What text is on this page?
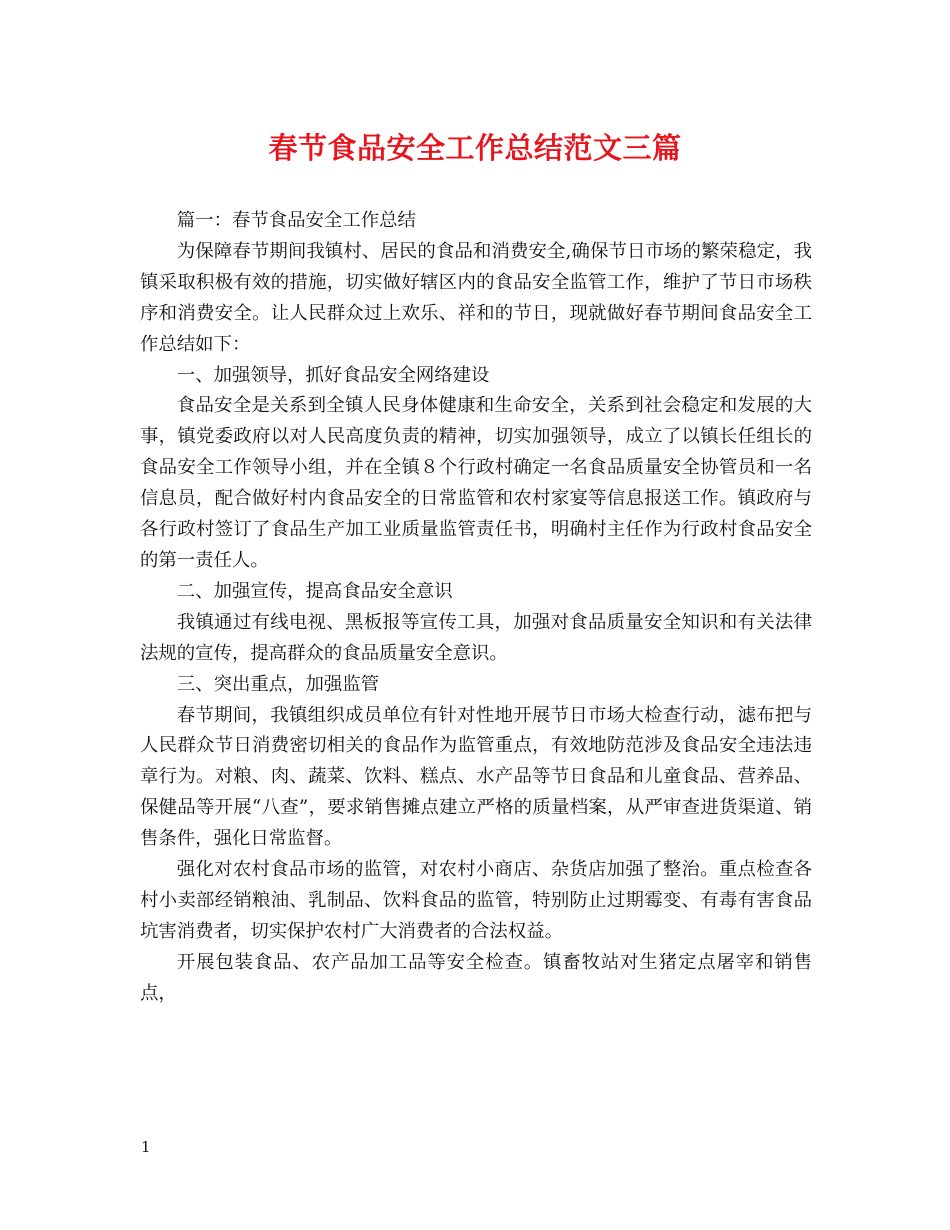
春节食品安全工作总结范文三篇

篇一：春节食品安全工作总结

为保障春节期间我镇村、居民的食品和消费安全,确保节日市场的繁荣稳定，我镇采取积极有效的措施，切实做好辖区内的食品安全监管工作，维护了节日市场秩序和消费安全。让人民群众过上欢乐、祥和的节日，现就做好春节期间食品安全工作总结如下：

一、加强领导，抓好食品安全网络建设

食品安全是关系到全镇人民身体健康和生命安全，关系到社会稳定和发展的大事，镇党委政府以对人民高度负责的精神，切实加强领导，成立了以镇长任组长的食品安全工作领导小组，并在全镇８个行政村确定一名食品质量安全协管员和一名信息员，配合做好村内食品安全的日常监管和农村家宴等信息报送工作。镇政府与各行政村签订了食品生产加工业质量监管责任书，明确村主任作为行政村食品安全的第一责任人。

二、加强宣传，提高食品安全意识

我镇通过有线电视、黑板报等宣传工具，加强对食品质量安全知识和有关法律法规的宣传，提高群众的食品质量安全意识。

三、突出重点，加强监管

春节期间，我镇组织成员单位有针对性地开展节日市场大检查行动，滤布把与人民群众节日消费密切相关的食品作为监管重点，有效地防范涉及食品安全违法违章行为。对粮、肉、蔬菜、饮料、糕点、水产品等节日食品和儿童食品、营养品、保健品等开展“八查”，要求销售摊点建立严格的质量档案，从严审查进货渠道、销售条件，强化日常监督。

强化对农村食品市场的监管，对农村小商店、杂货店加强了整治。重点检查各村小卖部经销粮油、乳制品、饮料食品的监管，特别防止过期霉变、有毒有害食品坑害消费者，切实保护农村广大消费者的合法权益。

开展包装食品、农产品加工品等安全检查。镇畜牧站对生猪定点屠宰和销售点，

1
